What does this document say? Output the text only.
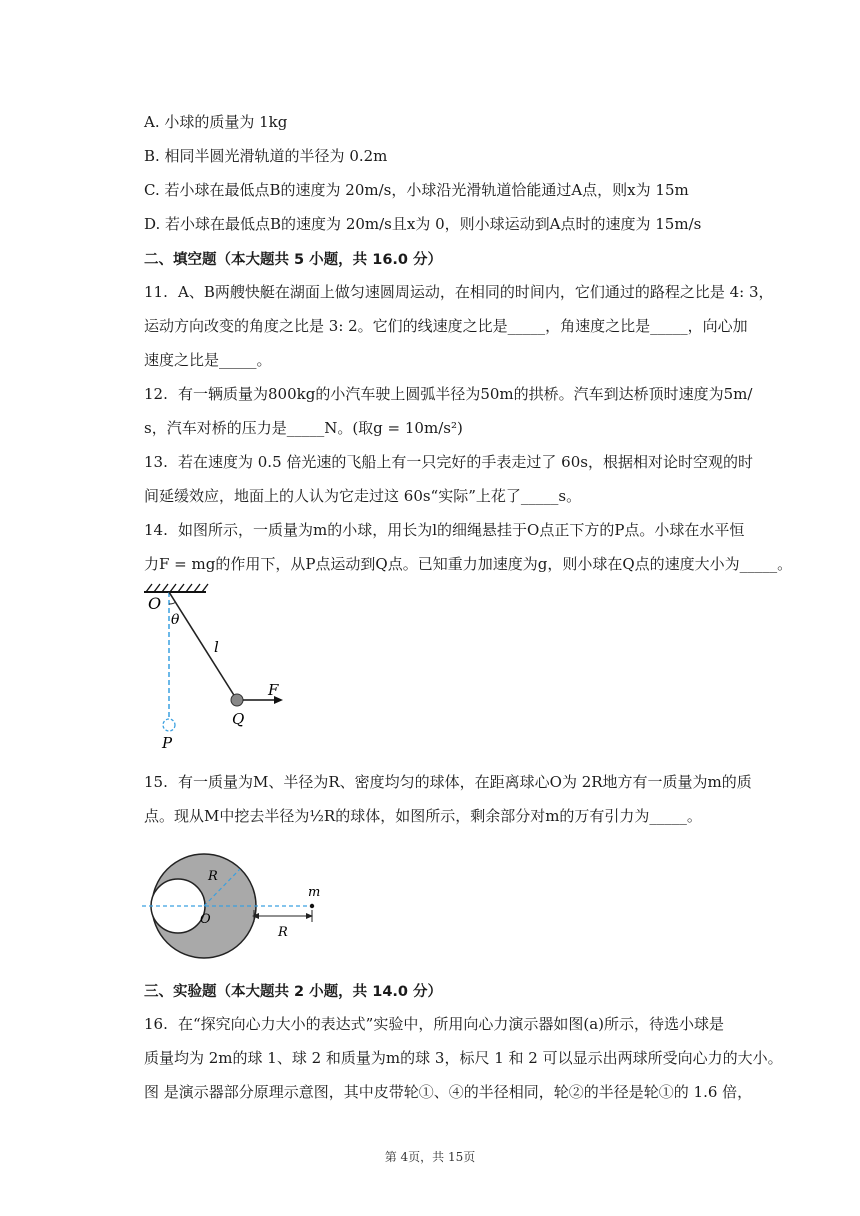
A. 小球的质量为 1kg
B. 相同半圆光滑轨道的半径为 0.2m
C. 若小球在最低点B的速度为 20m/s，小球沿光滑轨道恰能通过A点，则x为 15m
D. 若小球在最低点B的速度为 20m/s且x为 0，则小球运动到A点时的速度为 15m/s
二、填空题（本大题共 5 小题，共 16.0 分）
11. A、B两艘快艇在湖面上做匀速圆周运动，在相同的时间内，它们通过的路程之比是 4: 3，
运动方向改变的角度之比是 3: 2。它们的线速度之比是_____，角速度之比是_____，向心加
速度之比是_____。
12. 有一辆质量为800kg的小汽车驶上圆弧半径为50m的拱桥。汽车到达桥顶时速度为5m/
s，汽车对桥的压力是_____N。(取g = 10m/s²)
13. 若在速度为 0.5 倍光速的飞船上有一只完好的手表走过了 60s，根据相对论时空观的时
间延缓效应，地面上的人认为它走过这 60s“实际”上花了_____s。
14. 如图所示，一质量为m的小球，用长为l的细绳悬挂于O点正下方的P点。小球在水平恒
力F = mg的作用下，从P点运动到Q点。已知重力加速度为g，则小球在Q点的速度大小为_____。
O
θ
l
F
Q
P
15. 有一质量为M、半径为R、密度均匀的球体，在距离球心O为 2R地方有一质量为m的质
点。现从M中挖去半径为½R的球体，如图所示，剩余部分对m的万有引力为_____。
R
O
m
R
三、实验题（本大题共 2 小题，共 14.0 分）
16. 在“探究向心力大小的表达式”实验中，所用向心力演示器如图(a)所示，待选小球是
质量均为 2m的球 1、球 2 和质量为m的球 3，标尺 1 和 2 可以显示出两球所受向心力的大小。
图 是演示器部分原理示意图，其中皮带轮①、④的半径相同，轮②的半径是轮①的 1.6 倍，
第 4页，共 15页
